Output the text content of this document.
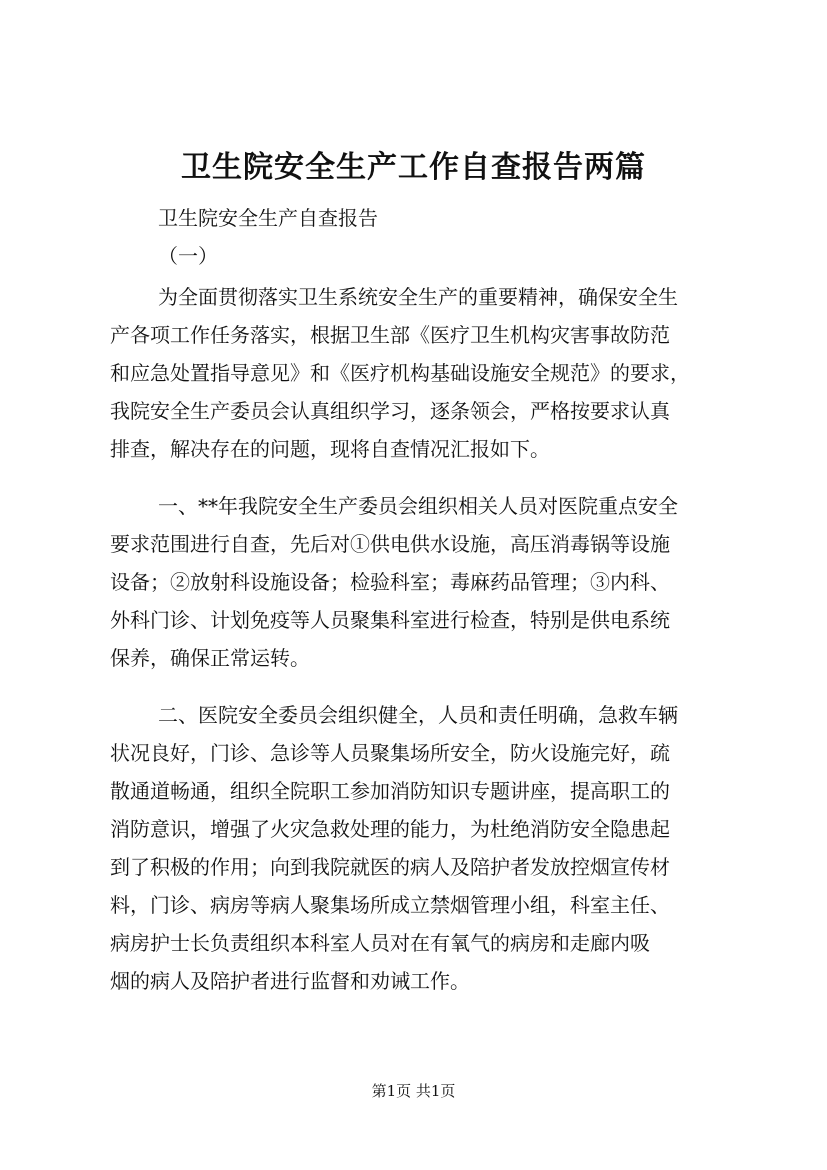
卫生院安全生产工作自查报告两篇
卫生院安全生产自查报告
（一）
为全面贯彻落实卫生系统安全生产的重要精神，确保安全生
产各项工作任务落实，根据卫生部《医疗卫生机构灾害事故防范
和应急处置指导意见》和《医疗机构基础设施安全规范》的要求，
我院安全生产委员会认真组织学习，逐条领会，严格按要求认真
排查，解决存在的问题，现将自查情况汇报如下。
一、**年我院安全生产委员会组织相关人员对医院重点安全
要求范围进行自查，先后对①供电供水设施，高压消毒锅等设施
设备；②放射科设施设备；检验科室；毒麻药品管理；③内科、
外科门诊、计划免疫等人员聚集科室进行检查，特别是供电系统
保养，确保正常运转。
二、医院安全委员会组织健全，人员和责任明确，急救车辆
状况良好，门诊、急诊等人员聚集场所安全，防火设施完好，疏
散通道畅通，组织全院职工参加消防知识专题讲座，提高职工的
消防意识，增强了火灾急救处理的能力，为杜绝消防安全隐患起
到了积极的作用；向到我院就医的病人及陪护者发放控烟宣传材
料，门诊、病房等病人聚集场所成立禁烟管理小组，科室主任、
病房护士长负责组织本科室人员对在有氧气的病房和走廊内吸
烟的病人及陪护者进行监督和劝诫工作。
第1页 共1页
